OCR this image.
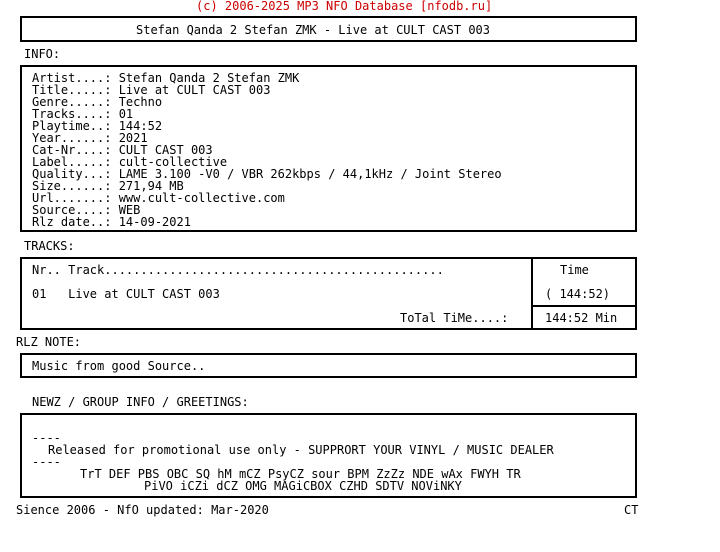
(c) 2006-2025 MP3 NFO Database [nfodb.ru]
Stefan Qanda 2 Stefan ZMK - Live at CULT CAST 003
INFO:
Artist....: Stefan Qanda 2 Stefan ZMK
Title.....: Live at CULT CAST 003
Genre.....: Techno
Tracks....: 01
Playtime..: 144:52
Year......: 2021
Cat-Nr....: CULT CAST 003
Label.....: cult-collective
Quality...: LAME 3.100 -V0 / VBR 262kbps / 44,1kHz / Joint Stereo
Size......: 271,94 MB
Url.......: www.cult-collective.com
Source....: WEB
Rlz date..: 14-09-2021
TRACKS:
Nr.. Track...............................................	Time
01   Live at CULT CAST 003	( 144:52)
ToTal TiMe....:	144:52 Min
RLZ NOTE:
Music from good Source..
NEWZ / GROUP INFO / GREETINGS:
----
Released for promotional use only - SUPPRORT YOUR VINYL / MUSIC DEALER
----
TrT DEF PBS OBC SQ hM mCZ PsyCZ sour BPM ZzZz NDE wAx FWYH TR
PiVO iCZi dCZ OMG MAGiCBOX CZHD SDTV NOViNKY
Sience 2006 - NfO updated: Mar-2020	CT
